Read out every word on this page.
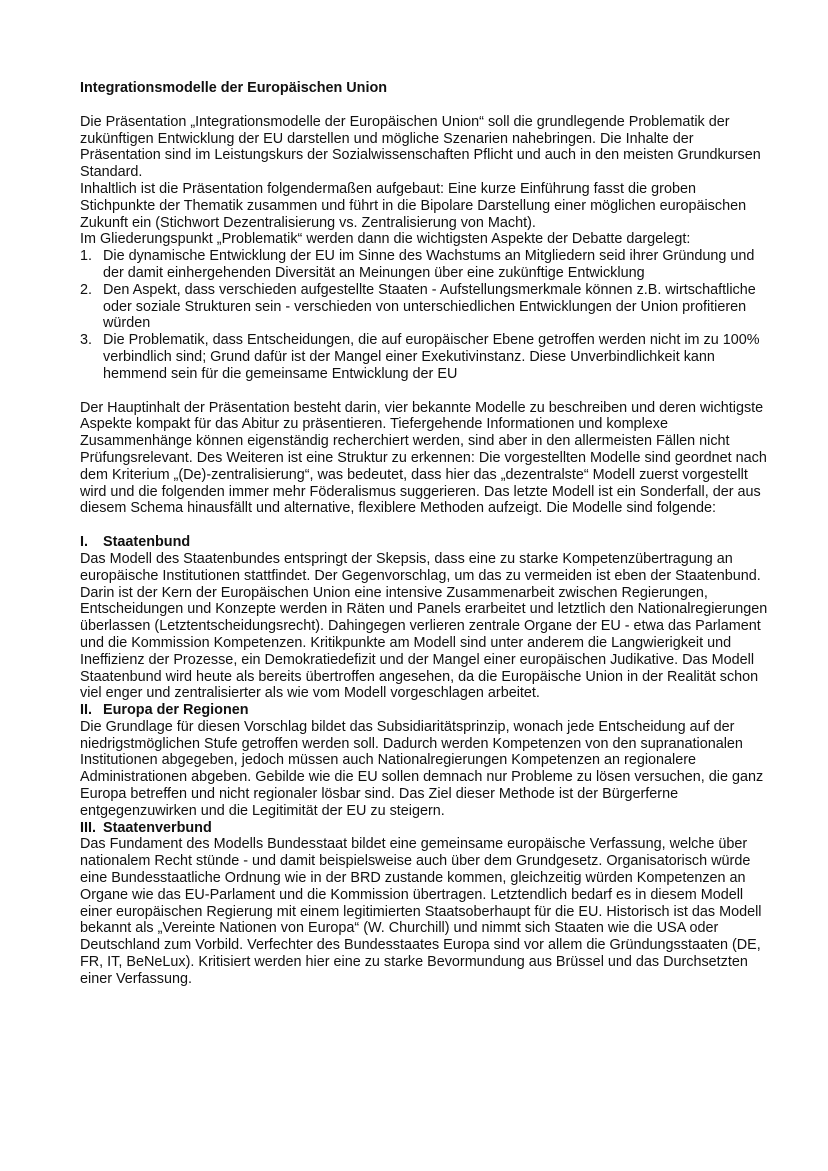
Integrationsmodelle der Europäischen Union

Die Präsentation „Integrationsmodelle der Europäischen Union“ soll die grundlegende Problematik der zukünftigen Entwicklung der EU darstellen und mögliche Szenarien nahebringen. Die Inhalte der Präsentation sind im Leistungskurs der Sozialwissenschaften Pflicht und auch in den meisten Grundkursen Standard.

Inhaltlich ist die Präsentation folgendermaßen aufgebaut: Eine kurze Einführung fasst die groben Stichpunkte der Thematik zusammen und führt in die Bipolare Darstellung einer möglichen europäischen Zukunft ein (Stichwort Dezentralisierung vs. Zentralisierung von Macht).

Im Gliederungspunkt „Problematik“ werden dann die wichtigsten Aspekte der Debatte dargelegt:

1. Die dynamische Entwicklung der EU im Sinne des Wachstums an Mitgliedern seid ihrer Gründung und der damit einhergehenden Diversität an Meinungen über eine zukünftige Entwicklung
2. Den Aspekt, dass verschieden aufgestellte Staaten - Aufstellungsmerkmale können z.B. wirtschaftliche oder soziale Strukturen sein - verschieden von unterschiedlichen Entwicklungen der Union profitieren würden
3. Die Problematik, dass Entscheidungen, die auf europäischer Ebene getroffen werden nicht im zu 100% verbindlich sind; Grund dafür ist der Mangel einer Exekutivinstanz. Diese Unverbindlichkeit kann hemmend sein für die gemeinsame Entwicklung der EU

Der Hauptinhalt der Präsentation besteht darin, vier bekannte Modelle zu beschreiben und deren wichtigste Aspekte kompakt für das Abitur zu präsentieren. Tiefergehende Informationen und komplexe Zusammenhänge können eigenständig recherchiert werden, sind aber in den allermeisten Fällen nicht Prüfungsrelevant. Des Weiteren ist eine Struktur zu erkennen: Die vorgestellten Modelle sind geordnet nach dem Kriterium „(De)-zentralisierung“, was bedeutet, dass hier das „dezentralste“ Modell zuerst vorgestellt wird und die folgenden immer mehr Föderalismus suggerieren. Das letzte Modell ist ein Sonderfall, der aus diesem Schema hinausfällt und alternative, flexiblere Methoden aufzeigt. Die Modelle sind folgende:

I. Staatenbund

Das Modell des Staatenbundes entspringt der Skepsis, dass eine zu starke Kompetenzübertragung an europäische Institutionen stattfindet. Der Gegenvorschlag, um das zu vermeiden ist eben der Staatenbund. Darin ist der Kern der Europäischen Union eine intensive Zusammenarbeit zwischen Regierungen, Entscheidungen und Konzepte werden in Räten und Panels erarbeitet und letztlich den Nationalregierungen überlassen (Letztentscheidungsrecht). Dahingegen verlieren zentrale Organe der EU - etwa das Parlament und die Kommission Kompetenzen. Kritikpunkte am Modell sind unter anderem die Langwierigkeit und Ineffizienz der Prozesse, ein Demokratiedefizit und der Mangel einer europäischen Judikative. Das Modell Staatenbund wird heute als bereits übertroffen angesehen, da die Europäische Union in der Realität schon viel enger und zentralisierter als wie vom Modell vorgeschlagen arbeitet.

II. Europa der Regionen

Die Grundlage für diesen Vorschlag bildet das Subsidiaritätsprinzip, wonach jede Entscheidung auf der niedrigstmöglichen Stufe getroffen werden soll. Dadurch werden Kompetenzen von den supranationalen Institutionen abgegeben, jedoch müssen auch Nationalregierungen Kompetenzen an regionalere Administrationen abgeben. Gebilde wie die EU sollen demnach nur Probleme zu lösen versuchen, die ganz Europa betreffen und nicht regionaler lösbar sind. Das Ziel dieser Methode ist der Bürgerferne entgegenzuwirken und die Legitimität der EU zu steigern.

III. Staatenverbund

Das Fundament des Modells Bundesstaat bildet eine gemeinsame europäische Verfassung, welche über nationalem Recht stünde - und damit beispielsweise auch über dem Grundgesetz. Organisatorisch würde eine Bundesstaatliche Ordnung wie in der BRD zustande kommen, gleichzeitig würden Kompetenzen an Organe wie das EU-Parlament und die Kommission übertragen. Letztendlich bedarf es in diesem Modell einer europäischen Regierung mit einem legitimierten Staatsoberhaupt für die EU. Historisch ist das Modell bekannt als „Vereinte Nationen von Europa“ (W. Churchill) und nimmt sich Staaten wie die USA oder Deutschland zum Vorbild. Verfechter des Bundesstaates Europa sind vor allem die Gründungsstaaten (DE, FR, IT, BeNeLux). Kritisiert werden hier eine zu starke Bevormundung aus Brüssel und das Durchsetzten einer Verfassung.
